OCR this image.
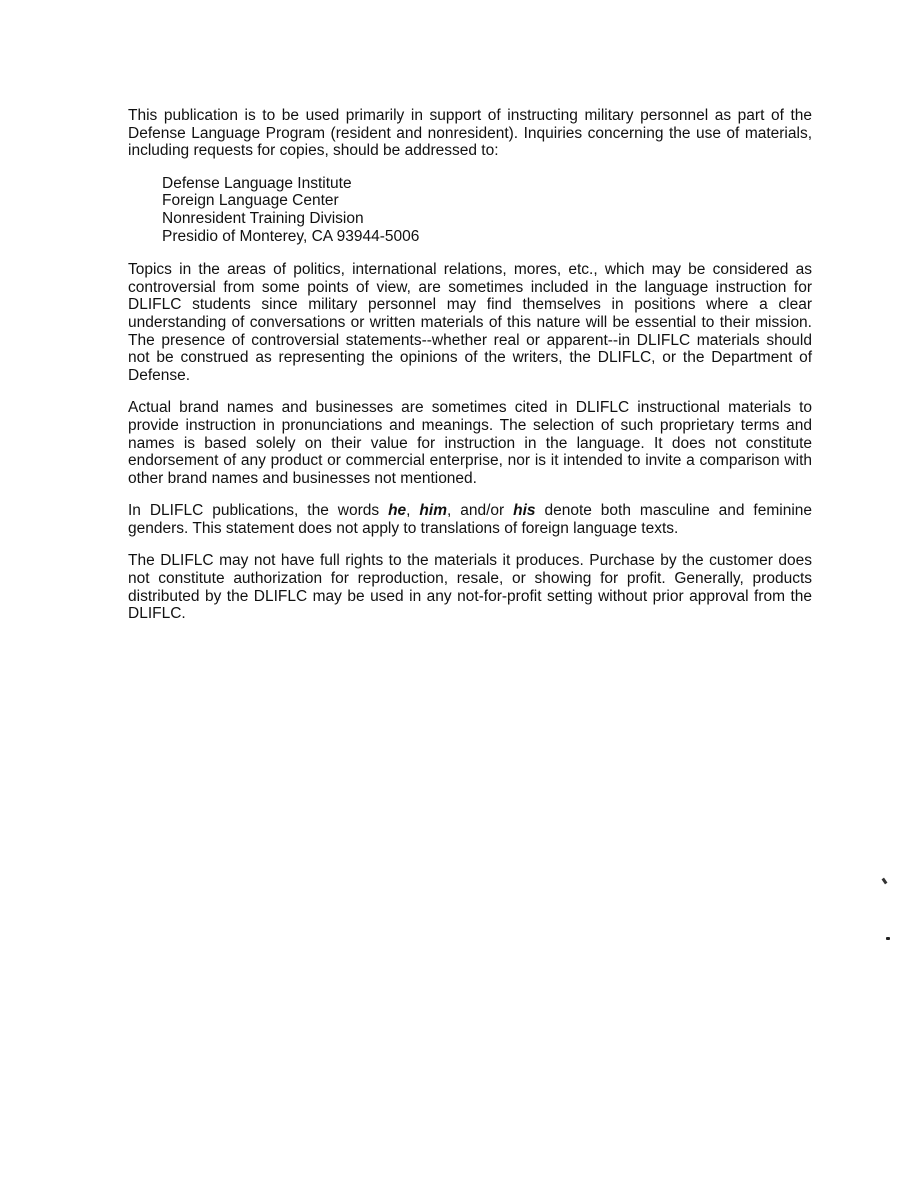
This publication is to be used primarily in support of instructing military personnel as part of the Defense Language Program (resident and nonresident). Inquiries concerning the use of materials, including requests for copies, should be addressed to:

Defense Language Institute
Foreign Language Center
Nonresident Training Division
Presidio of Monterey, CA 93944-5006

Topics in the areas of politics, international relations, mores, etc., which may be considered as controversial from some points of view, are sometimes included in the language instruction for DLIFLC students since military personnel may find themselves in positions where a clear understanding of conversations or written materials of this nature will be essential to their mission. The presence of controversial statements--whether real or apparent--in DLIFLC materials should not be construed as representing the opinions of the writers, the DLIFLC, or the Department of Defense.

Actual brand names and businesses are sometimes cited in DLIFLC instructional materials to provide instruction in pronunciations and meanings. The selection of such proprietary terms and names is based solely on their value for instruction in the language. It does not constitute endorsement of any product or commercial enterprise, nor is it intended to invite a comparison with other brand names and businesses not mentioned.

In DLIFLC publications, the words he, him, and/or his denote both masculine and feminine genders. This statement does not apply to translations of foreign language texts.

The DLIFLC may not have full rights to the materials it produces. Purchase by the customer does not constitute authorization for reproduction, resale, or showing for profit. Generally, products distributed by the DLIFLC may be used in any not-for-profit setting without prior approval from the DLIFLC.
